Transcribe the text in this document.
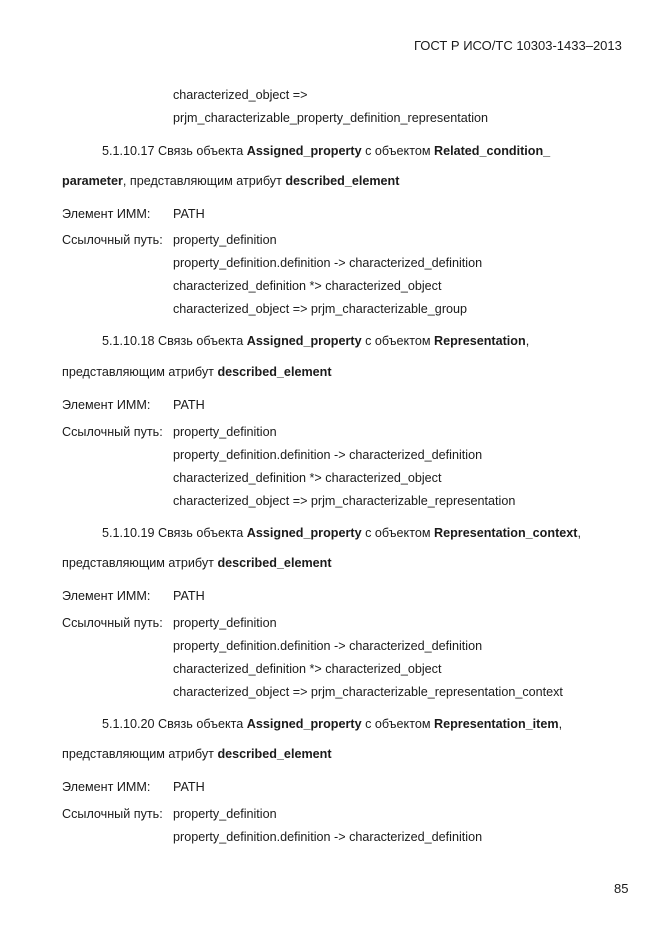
ГОСТ Р ИСО/ТС 10303-1433–2013
characterized_object =>
prjm_characterizable_property_definition_representation
5.1.10.17 Связь объекта Assigned_property с объектом Related_condition_
parameter, представляющим атрибут described_element
Элемент ИММ: PATH
Ссылочный путь: property_definition
property_definition.definition -> characterized_definition
characterized_definition *> characterized_object
characterized_object => prjm_characterizable_group
5.1.10.18 Связь объекта Assigned_property с объектом Representation,
представляющим атрибут described_element
Элемент ИММ: PATH
Ссылочный путь: property_definition
property_definition.definition -> characterized_definition
characterized_definition *> characterized_object
characterized_object => prjm_characterizable_representation
5.1.10.19 Связь объекта Assigned_property с объектом Representation_context,
представляющим атрибут described_element
Элемент ИММ: PATH
Ссылочный путь: property_definition
property_definition.definition -> characterized_definition
characterized_definition *> characterized_object
characterized_object => prjm_characterizable_representation_context
5.1.10.20 Связь объекта Assigned_property с объектом Representation_item,
представляющим атрибут described_element
Элемент ИММ: PATH
Ссылочный путь: property_definition
property_definition.definition -> characterized_definition
85
